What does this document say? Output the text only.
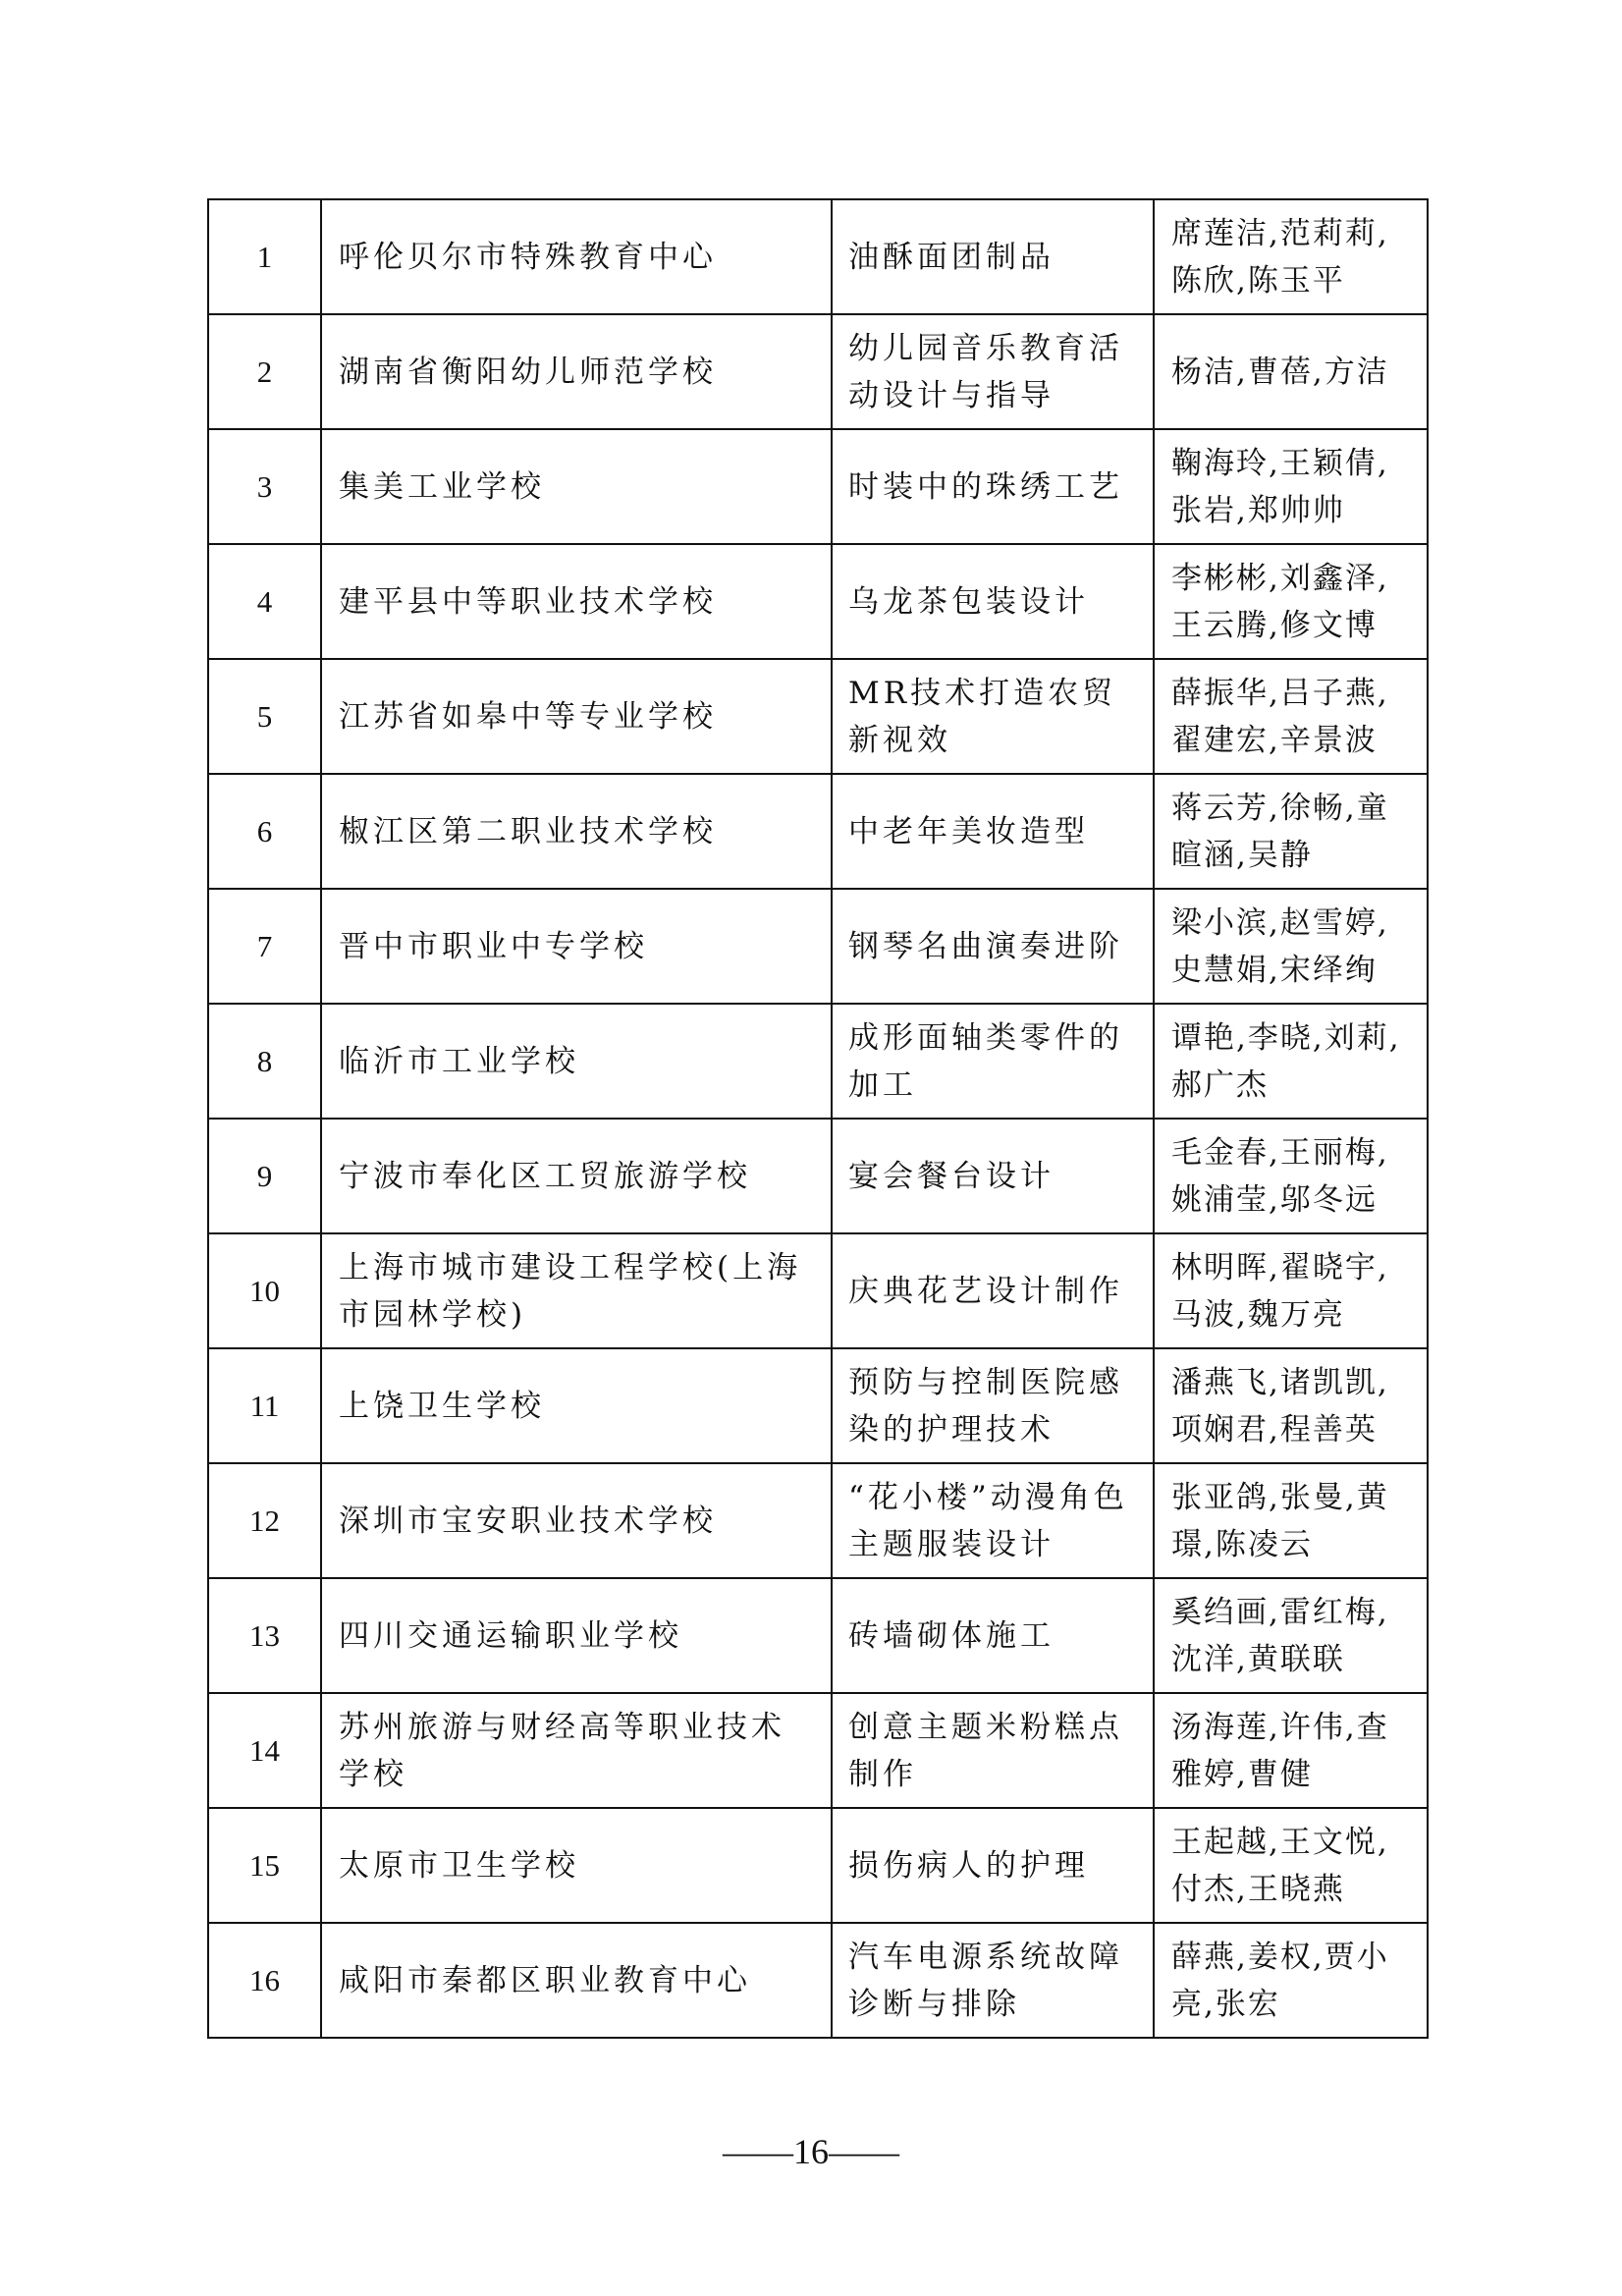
1	呼伦贝尔市特殊教育中心	油酥面团制品	席莲洁,范莉莉,陈欣,陈玉平
2	湖南省衡阳幼儿师范学校	幼儿园音乐教育活动设计与指导	杨洁,曹蓓,方洁
3	集美工业学校	时装中的珠绣工艺	鞠海玲,王颖倩,张岩,郑帅帅
4	建平县中等职业技术学校	乌龙茶包装设计	李彬彬,刘鑫泽,王云腾,修文博
5	江苏省如皋中等专业学校	MR技术打造农贸新视效	薛振华,吕子燕,翟建宏,辛景波
6	椒江区第二职业技术学校	中老年美妆造型	蒋云芳,徐畅,童暄涵,吴静
7	晋中市职业中专学校	钢琴名曲演奏进阶	梁小滨,赵雪婷,史慧娟,宋绎绚
8	临沂市工业学校	成形面轴类零件的加工	谭艳,李晓,刘莉,郝广杰
9	宁波市奉化区工贸旅游学校	宴会餐台设计	毛金春,王丽梅,姚浦莹,邬冬远
10	上海市城市建设工程学校(上海市园林学校)	庆典花艺设计制作	林明晖,翟晓宇,马波,魏万亮
11	上饶卫生学校	预防与控制医院感染的护理技术	潘燕飞,诸凯凯,项娴君,程善英
12	深圳市宝安职业技术学校	“花小楼”动漫角色主题服装设计	张亚鸽,张曼,黄璟,陈凌云
13	四川交通运输职业学校	砖墙砌体施工	奚绉画,雷红梅,沈洋,黄联联
14	苏州旅游与财经高等职业技术学校	创意主题米粉糕点制作	汤海莲,许伟,查雅婷,曹健
15	太原市卫生学校	损伤病人的护理	王起越,王文悦,付杰,王晓燕
16	咸阳市秦都区职业教育中心	汽车电源系统故障诊断与排除	薛燕,姜权,贾小亮,张宏
——16——
